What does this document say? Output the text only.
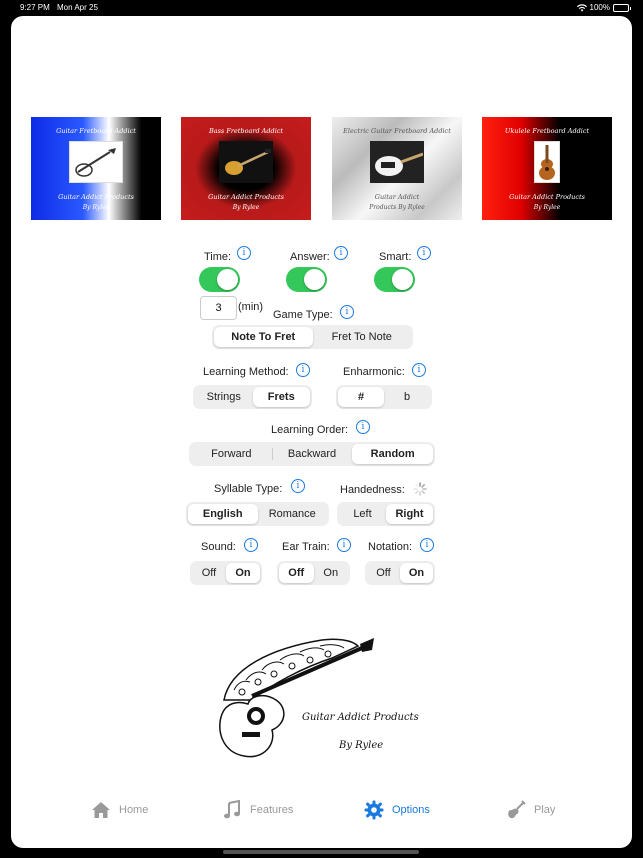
9:27 PM Mon Apr 25	100%
Guitar Fretboard Addict
Guitar Addict Products
By Rylee
Bass Fretboard Addict
Guitar Addict Products
By Rylee
Electric Guitar Fretboard Addict
Guitar Addict
Products By Rylee
Ukulele Fretboard Addict
Guitar Addict Products
By Rylee
Time:	i	Answer:	i	Smart:	i
3	(min)
Game Type:	i
Note To Fret	Fret To Note
Learning Method:	i
Strings	Frets
Enharmonic:	i
#	b
Learning Order:	i
Forward	Backward	Random
Syllable Type:	i
English	Romance
Handedness:
Left	Right
Sound:	i
Off	On
Ear Train:	i
Off	On
Notation:	i
Off	On
Guitar Addict Products
By Rylee
Home	Features	Options	Play
